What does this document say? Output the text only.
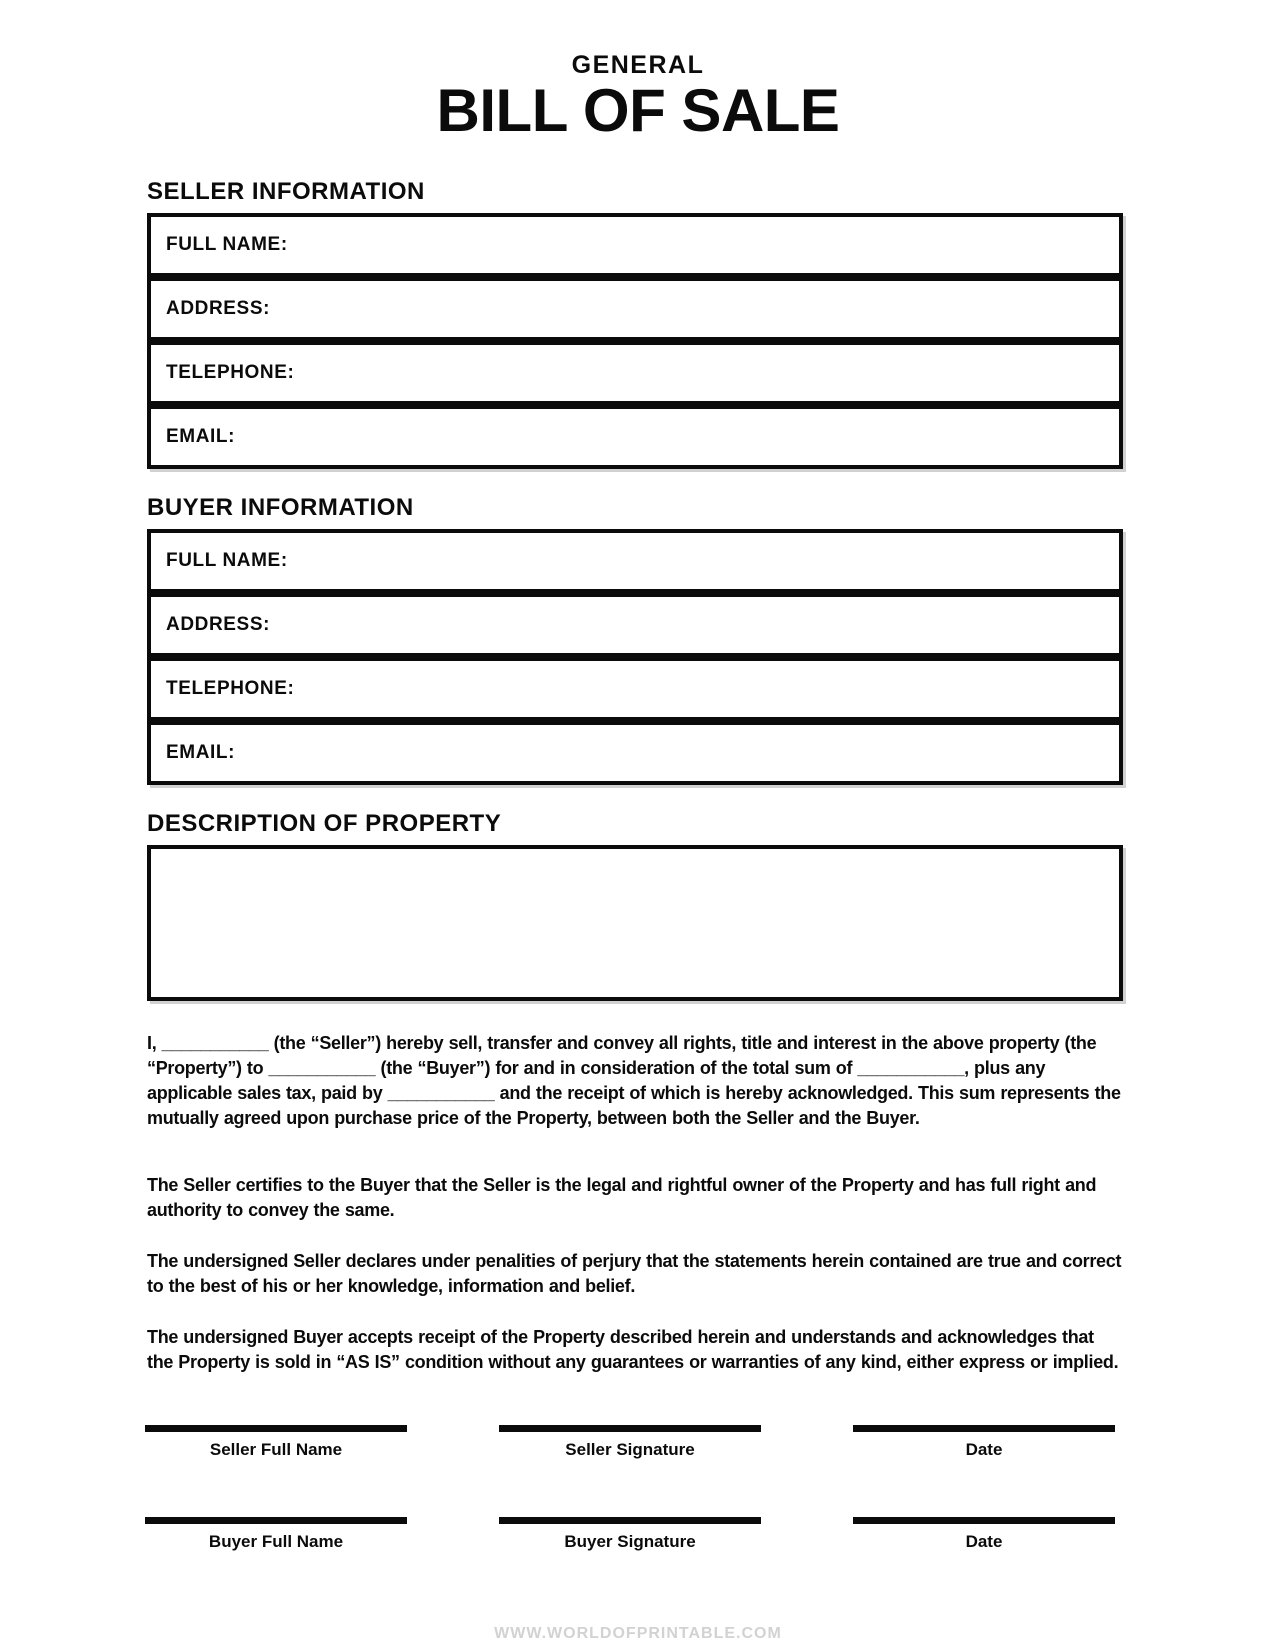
GENERAL
BILL OF SALE
SELLER INFORMATION
FULL NAME:
ADDRESS:
TELEPHONE:
EMAIL:
BUYER INFORMATION
FULL NAME:
ADDRESS:
TELEPHONE:
EMAIL:
DESCRIPTION OF PROPERTY
I, ___________ (the “Seller”) hereby sell, transfer and convey all rights, title and interest in the above property (the “Property”) to ___________ (the “Buyer”) for and in consideration of the total sum of ___________, plus any applicable sales tax, paid by ___________ and the receipt of which is hereby acknowledged. This sum represents the mutually agreed upon purchase price of the Property, between both the Seller and the Buyer.
The Seller certifies to the Buyer that the Seller is the legal and rightful owner of the Property and has full right and authority to convey the same.
The undersigned Seller declares under penalities of perjury that the statements herein contained are true and correct to the best of his or her knowledge, information and belief.
The undersigned Buyer accepts receipt of the Property described herein and understands and acknowledges that the Property is sold in “AS IS” condition without any guarantees or warranties of any kind, either express or implied.
Seller Full Name	Seller Signature	Date
Buyer Full Name	Buyer Signature	Date
WWW.WORLDOFPRINTABLE.COM
